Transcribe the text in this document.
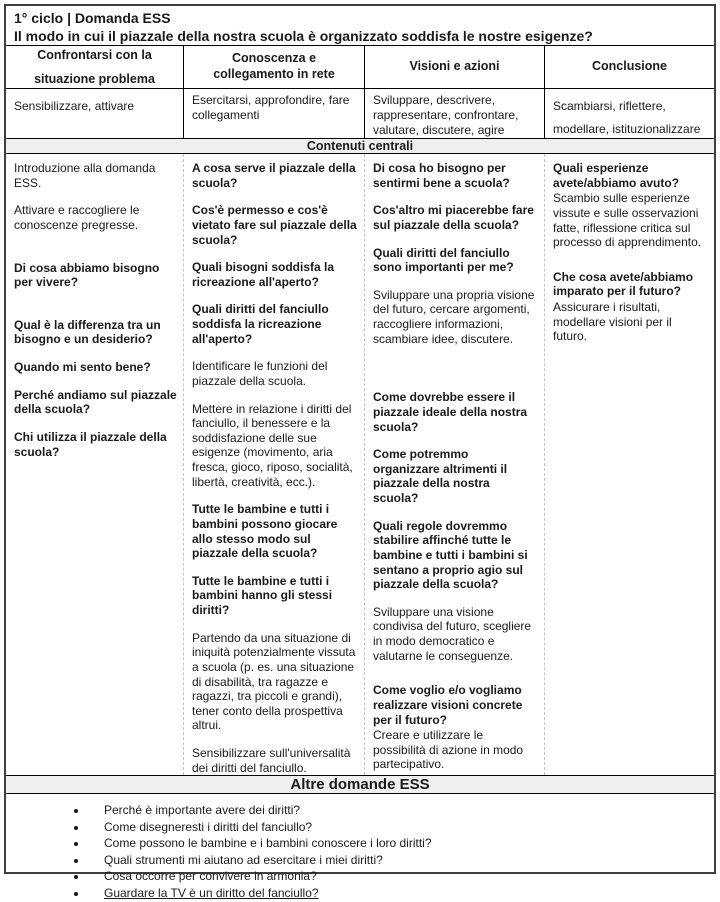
1° ciclo | Domanda ESS
Il modo in cui il piazzale della nostra scuola è organizzato soddisfa le nostre esigenze?
Confrontarsi con la situazione problema
Conoscenza e collegamento in rete
Visioni e azioni	Conclusione
Sensibilizzare, attivare	Esercitarsi, approfondire, fare collegamenti
Sviluppare, descrivere, rappresentare, confrontare, valutare, discutere, agire
Scambiarsi, riflettere, modellare, istituzionalizzare
Contenuti centrali

Introduzione alla domanda ESS.

Attivare e raccogliere le conoscenze pregresse.

Di cosa abbiamo bisogno per vivere?

Qual è la differenza tra un bisogno e un desiderio?

Quando mi sento bene?

Perché andiamo sul piazzale della scuola?

Chi utilizza il piazzale della scuola?

A cosa serve il piazzale della scuola?

Cos'è permesso e cos'è vietato fare sul piazzale della scuola?

Quali bisogni soddisfa la ricreazione all'aperto?

Quali diritti del fanciullo soddisfa la ricreazione all'aperto?

Identificare le funzioni del piazzale della scuola.

Mettere in relazione i diritti del fanciullo, il benessere e la soddisfazione delle sue esigenze (movimento, aria fresca, gioco, riposo, socialità, libertà, creatività, ecc.).

Tutte le bambine e tutti i bambini possono giocare allo stesso modo sul piazzale della scuola?

Tutte le bambine e tutti i bambini hanno gli stessi diritti?

Partendo da una situazione di iniquità potenzialmente vissuta a scuola (p. es. una situazione di disabilità, tra ragazze e ragazzi, tra piccoli e grandi), tener conto della prospettiva altrui.

Sensibilizzare sull'universalità dei diritti del fanciullo.

Di cosa ho bisogno per sentirmi bene a scuola?

Cos'altro mi piacerebbe fare sul piazzale della scuola?

Quali diritti del fanciullo sono importanti per me?

Sviluppare una propria visione del futuro, cercare argomenti, raccogliere informazioni, scambiare idee, discutere.

Come dovrebbe essere il piazzale ideale della nostra scuola?

Come potremmo organizzare altrimenti il piazzale della nostra scuola?

Quali regole dovremmo stabilire affinché tutte le bambine e tutti i bambini si sentano a proprio agio sul piazzale della scuola?

Sviluppare una visione condivisa del futuro, scegliere in modo democratico e valutarne le conseguenze.

Come voglio e/o vogliamo realizzare visioni concrete per il futuro?

Creare e utilizzare le possibilità di azione in modo partecipativo.

Quali esperienze avete/abbiamo avuto?

Scambio sulle esperienze vissute e sulle osservazioni fatte, riflessione critica sul processo di apprendimento.

Che cosa avete/abbiamo imparato per il futuro?

Assicurare i risultati, modellare visioni per il futuro.

Altre domande ESS
• Perché è importante avere dei diritti?
• Come disegneresti i diritti del fanciullo?
• Come possono le bambine e i bambini conoscere i loro diritti?
• Quali strumenti mi aiutano ad esercitare i miei diritti?
• Cosa occorre per convivere in armonia?
• Guardare la TV è un diritto del fanciullo?
